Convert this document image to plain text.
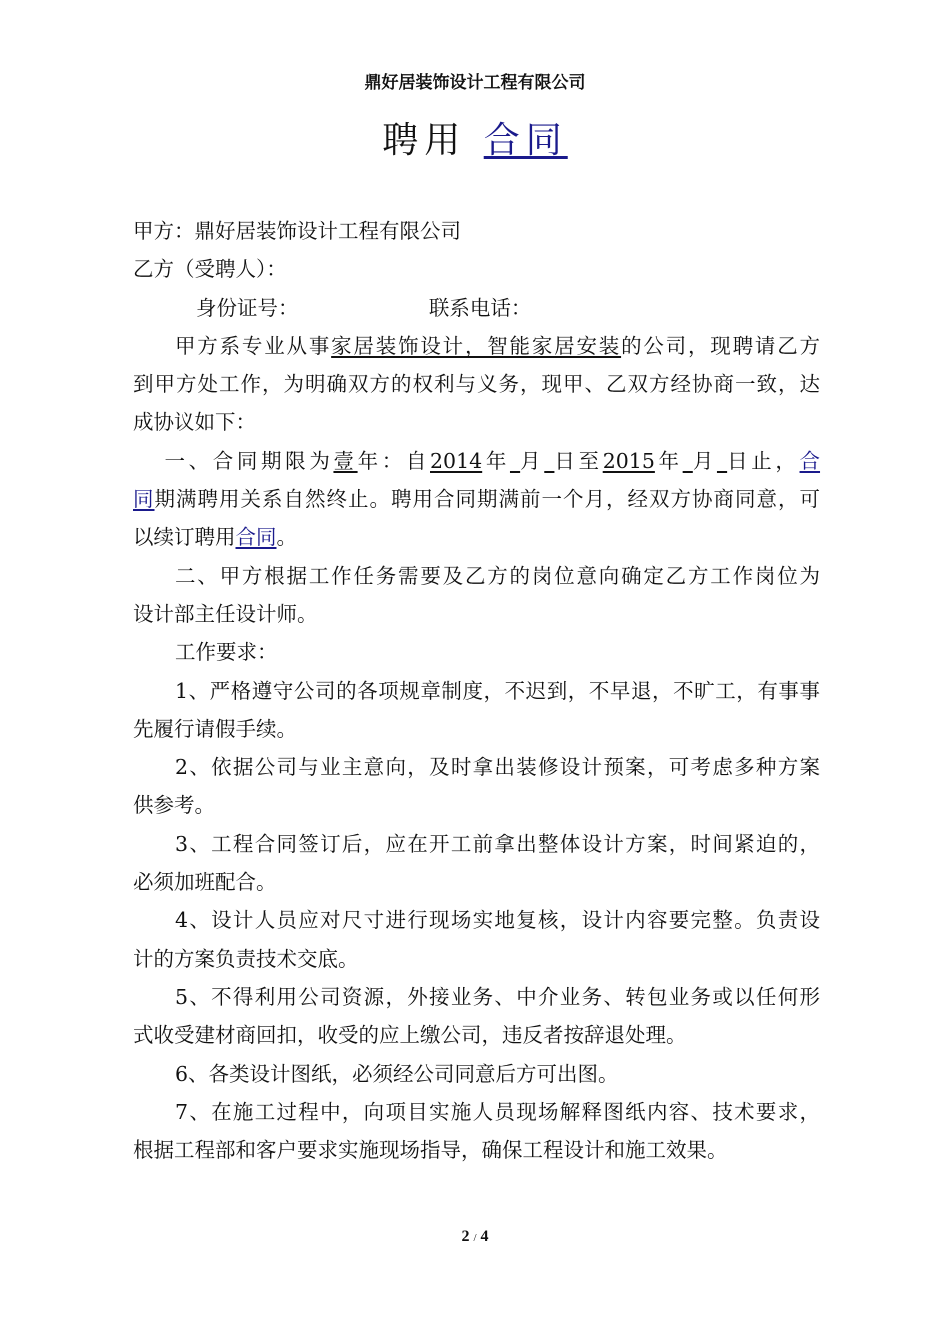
鼎好居装饰设计工程有限公司
聘用 合同
甲方：鼎好居装饰设计工程有限公司
乙方（受聘人）：
身份证号：                    联系电话：
甲方系专业从事家居装饰设计，智能家居安装的公司，现聘请乙方
到甲方处工作，为明确双方的权利与义务，现甲、乙双方经协商一致，达
成协议如下：
一、合同期限为壹年：自2014年 月 日至2015年 月 日止，合
同期满聘用关系自然终止。聘用合同期满前一个月，经双方协商同意，可
以续订聘用合同。
二、甲方根据工作任务需要及乙方的岗位意向确定乙方工作岗位为
设计部主任设计师。
工作要求：
1、严格遵守公司的各项规章制度，不迟到，不早退，不旷工，有事事
先履行请假手续。
2、依据公司与业主意向，及时拿出装修设计预案，可考虑多种方案
供参考。
3、工程合同签订后，应在开工前拿出整体设计方案，时间紧迫的，
必须加班配合。
4、设计人员应对尺寸进行现场实地复核，设计内容要完整。负责设
计的方案负责技术交底。
5、不得利用公司资源，外接业务、中介业务、转包业务或以任何形
式收受建材商回扣，收受的应上缴公司，违反者按辞退处理。
6、各类设计图纸，必须经公司同意后方可出图。
7、在施工过程中，向项目实施人员现场解释图纸内容、技术要求，
根据工程部和客户要求实施现场指导，确保工程设计和施工效果。
2 / 4
